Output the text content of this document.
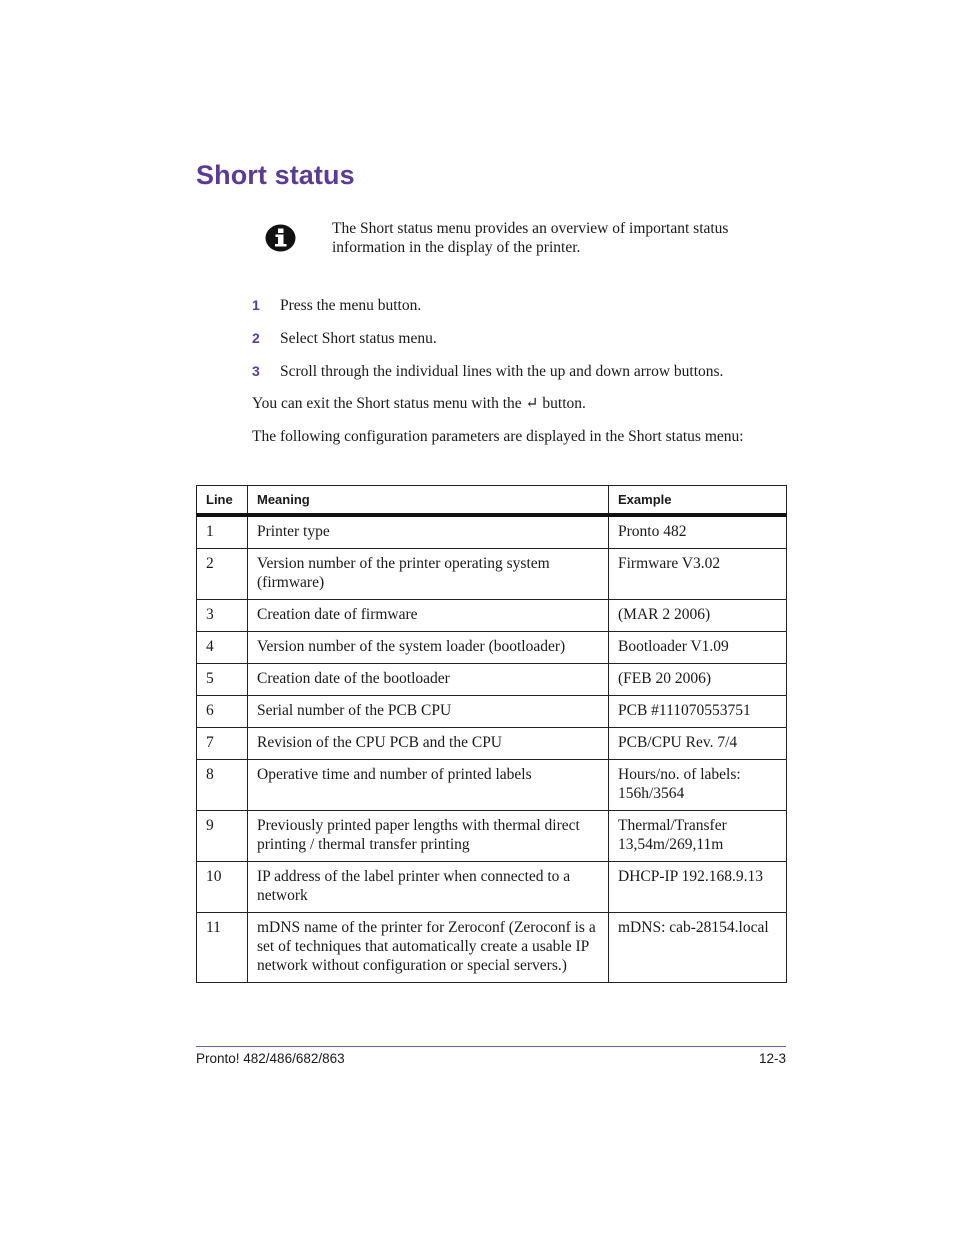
Short status
The Short status menu provides an overview of important status information in the display of the printer.
1 Press the menu button.
2 Select Short status menu.
3 Scroll through the individual lines with the up and down arrow buttons.
You can exit the Short status menu with the ↵ button.
The following configuration parameters are displayed in the Short status menu:
Line	Meaning	Example
1	Printer type	Pronto 482
2	Version number of the printer operating system (firmware)	Firmware V3.02
3	Creation date of firmware	(MAR 2 2006)
4	Version number of the system loader (bootloader)	Bootloader V1.09
5	Creation date of the bootloader	(FEB 20 2006)
6	Serial number of the PCB CPU	PCB #111070553751
7	Revision of the CPU PCB and the CPU	PCB/CPU Rev. 7/4
8	Operative time and number of printed labels	Hours/no. of labels: 156h/3564
9	Previously printed paper lengths with thermal direct printing / thermal transfer printing	Thermal/Transfer 13,54m/269,11m
10	IP address of the label printer when connected to a network	DHCP-IP 192.168.9.13
11	mDNS name of the printer for Zeroconf (Zeroconf is a set of techniques that automatically create a usable IP network without configuration or special servers.)	mDNS: cab-28154.local
Pronto! 482/486/682/863	12-3
